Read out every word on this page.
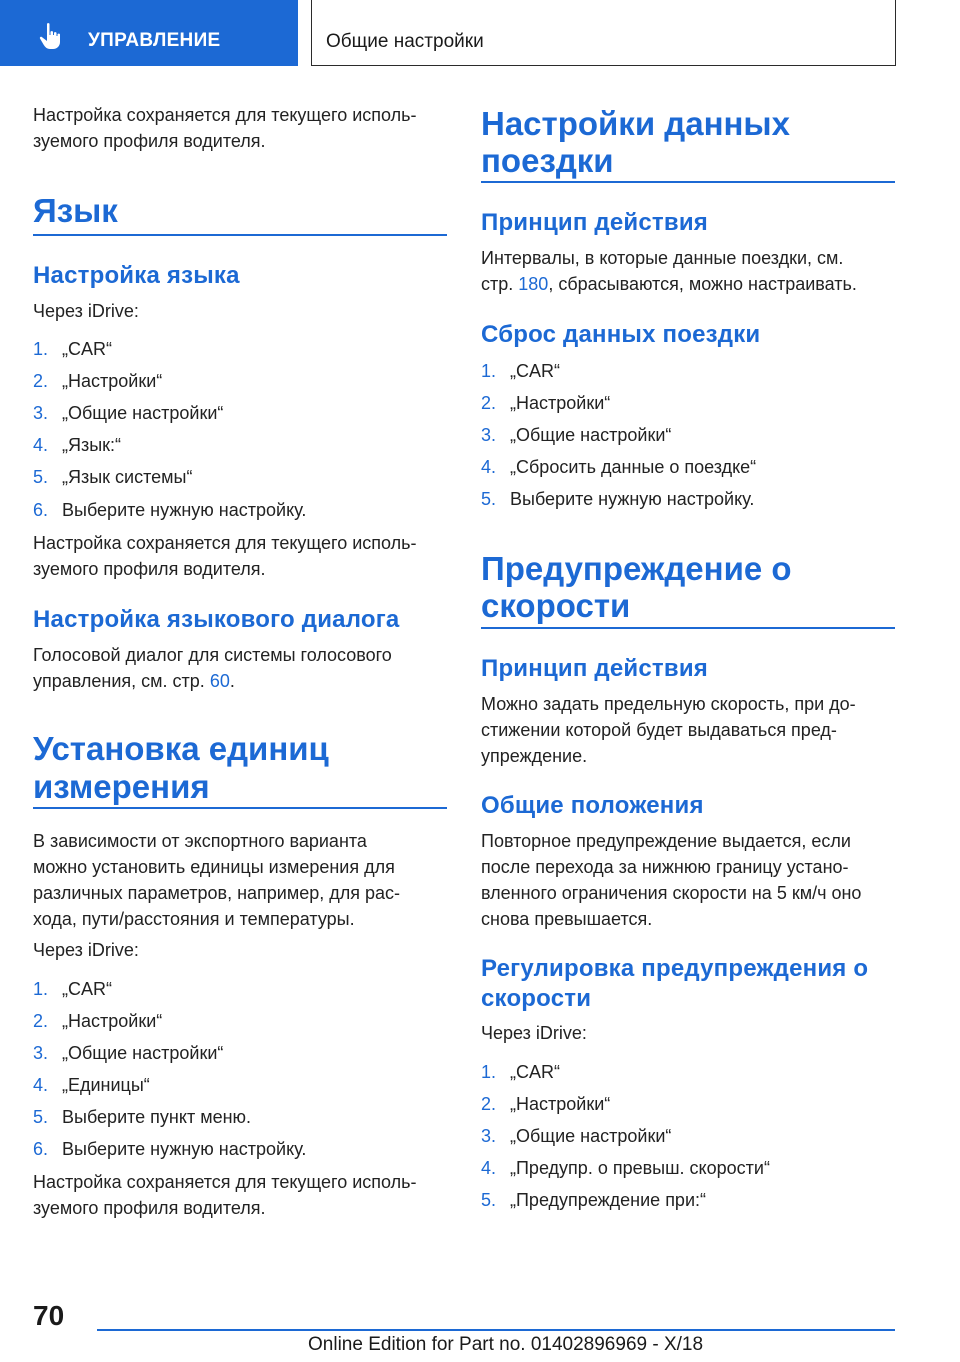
УПРАВЛЕНИЕ	Общие настройки
Настройка сохраняется для текущего исполь-
зуемого профиля водителя.
Язык
Настройка языка
Через iDrive:
1. „CAR“
2. „Настройки“
3. „Общие настройки“
4. „Язык:“
5. „Язык системы“
6. Выберите нужную настройку.
Настройка сохраняется для текущего исполь-
зуемого профиля водителя.
Настройка языкового диалога
Голосовой диалог для системы голосового
управления, см. стр. 60.
Установка единиц
измерения
В зависимости от экспортного варианта
можно установить единицы измерения для
различных параметров, например, для рас-
хода, пути/расстояния и температуры.
Через iDrive:
1. „CAR“
2. „Настройки“
3. „Общие настройки“
4. „Единицы“
5. Выберите пункт меню.
6. Выберите нужную настройку.
Настройка сохраняется для текущего исполь-
зуемого профиля водителя.
Настройки данных
поездки
Принцип действия
Интервалы, в которые данные поездки, см.
стр. 180, сбрасываются, можно настраивать.
Сброс данных поездки
1. „CAR“
2. „Настройки“
3. „Общие настройки“
4. „Сбросить данные о поездке“
5. Выберите нужную настройку.
Предупреждение о
скорости
Принцип действия
Можно задать предельную скорость, при до-
стижении которой будет выдаваться пред-
упреждение.
Общие положения
Повторное предупреждение выдается, если
после перехода за нижнюю границу устано-
вленного ограничения скорости на 5 км/ч оно
снова превышается.
Регулировка предупреждения о
скорости
Через iDrive:
1. „CAR“
2. „Настройки“
3. „Общие настройки“
4. „Предупр. о превыш. скорости“
5. „Предупреждение при:“
70
Online Edition for Part no. 01402896969 - X/18
